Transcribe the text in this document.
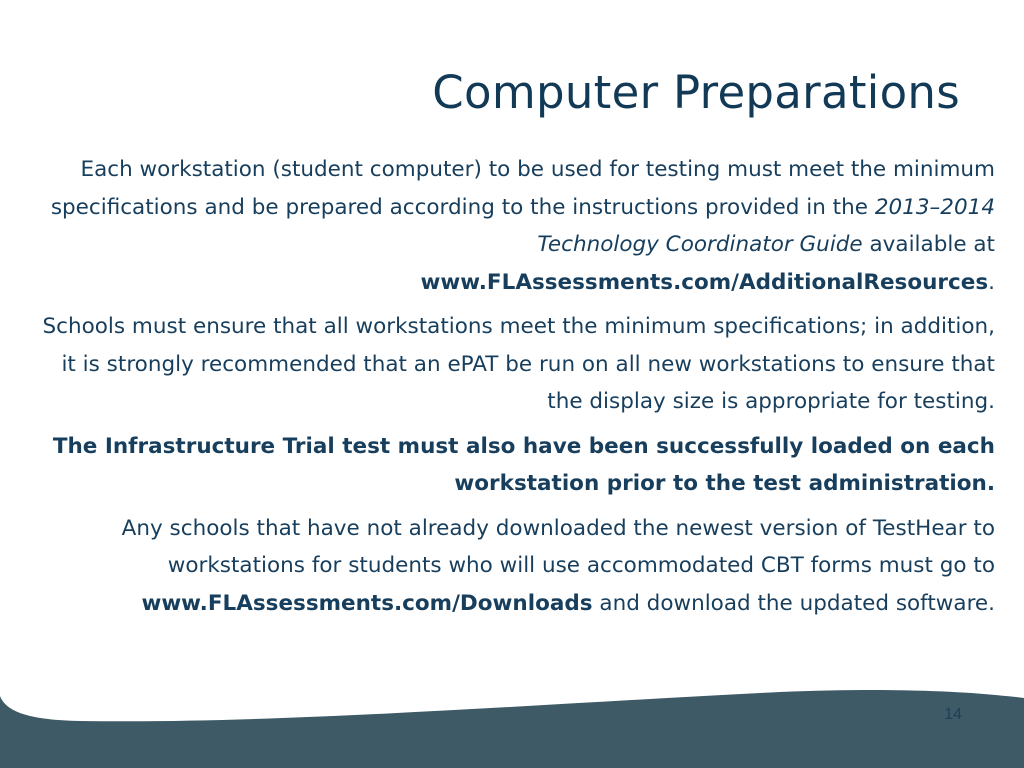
Computer Preparations

Each workstation (student computer) to be used for testing must meet the minimum specifications and be prepared according to the instructions provided in the 2013–2014 Technology Coordinator Guide available at www.FLAssessments.com/AdditionalResources.

Schools must ensure that all workstations meet the minimum specifications; in addition, it is strongly recommended that an ePAT be run on all new workstations to ensure that the display size is appropriate for testing.

The Infrastructure Trial test must also have been successfully loaded on each workstation prior to the test administration.

Any schools that have not already downloaded the newest version of TestHear to workstations for students who will use accommodated CBT forms must go to www.FLAssessments.com/Downloads and download the updated software.

14
